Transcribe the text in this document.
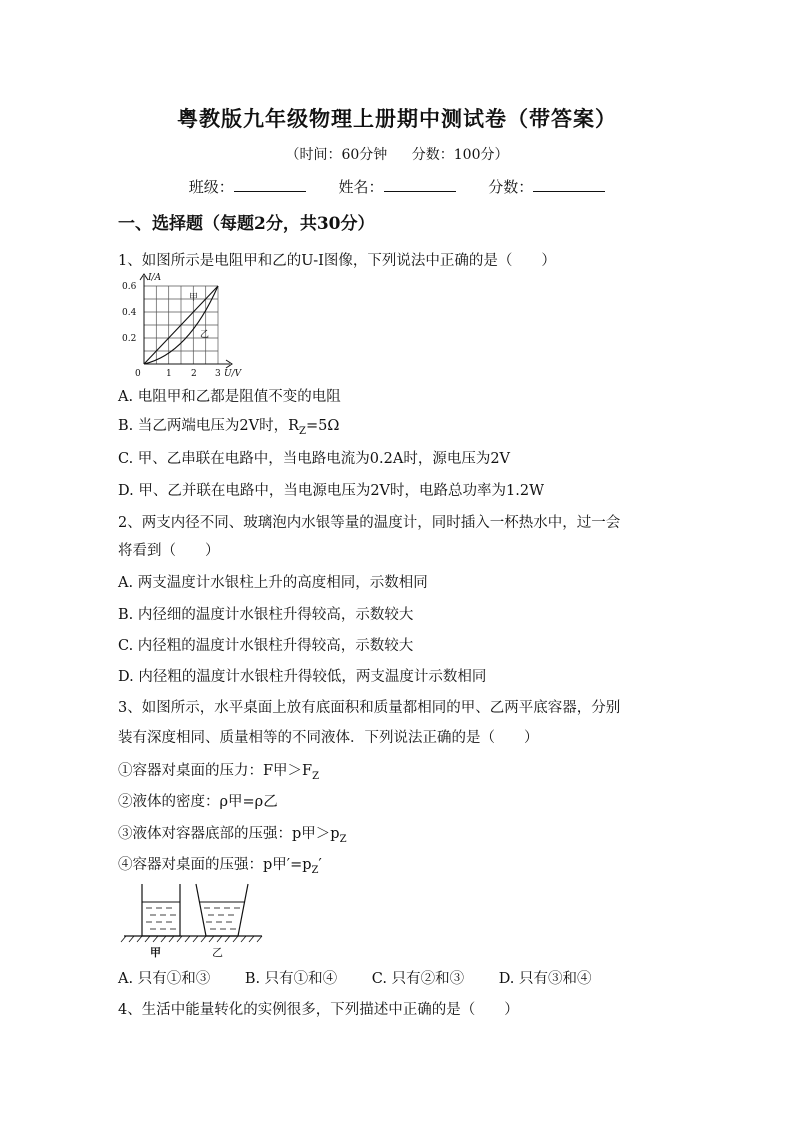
粤教版九年级物理上册期中测试卷（带答案）
（时间：60分钟 分数：100分）
班级：	姓名：	分数：
一、选择题（每题2分，共30分）
1、如图所示是电阻甲和乙的U-I图像，下列说法中正确的是（　　）
I/A
U/V
0.6
0.4
0.2
0	1 2 3
甲
乙
A. 电阻甲和乙都是阻值不变的电阻
B. 当乙两端电压为2V时，$R_Z=5\Omega$
C. 甲、乙串联在电路中，当电路电流为0.2A时，源电压为2V
D. 甲、乙并联在电路中，当电源电压为2V时，电路总功率为1.2W
2、两支内径不同、玻璃泡内水银等量的温度计，同时插入一杯热水中，过一会
将看到（　　）
A. 两支温度计水银柱上升的高度相同，示数相同
B. 内径细的温度计水银柱升得较高，示数较大
C. 内径粗的温度计水银柱升得较高，示数较大
D. 内径粗的温度计水银柱升得较低，两支温度计示数相同
3、如图所示，水平桌面上放有底面积和质量都相同的甲、乙两平底容器，分别
装有深度相同、质量相等的不同液体．下列说法正确的是（　　）
①容器对桌面的压力：F甲$>F_Z$
②液体的密度：ρ甲=ρ乙
③液体对容器底部的压强：p甲$>p_Z$
④容器对桌面的压强：p甲$'=p_Z'$
甲	乙
A. 只有①和③ B. 只有①和④ C. 只有②和③ D. 只有③和④
4、生活中能量转化的实例很多，下列描述中正确的是（　　）
